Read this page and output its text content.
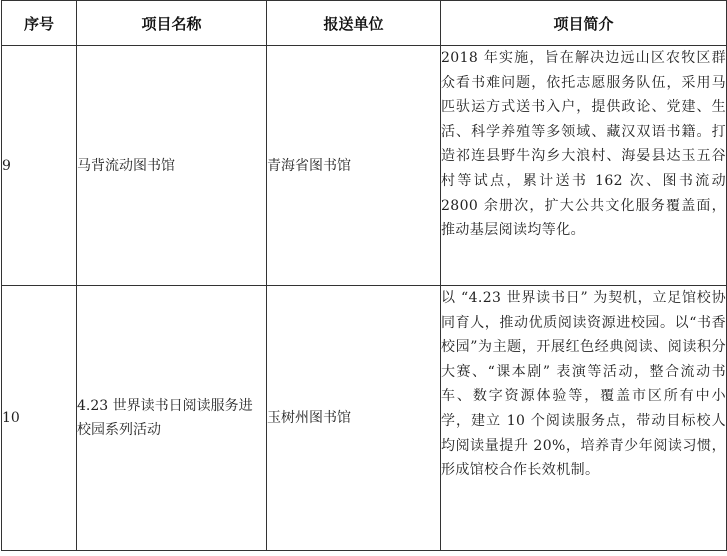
序号	项目名称	报送单位	项目简介
9	马背流动图书馆	青海省图书馆	2018 年实施，旨在解决边远山区农牧区群众看书难问题，依托志愿服务队伍，采用马匹驮运方式送书入户，提供政论、党建、生活、科学养殖等多领域、藏汉双语书籍。打造祁连县野牛沟乡大浪村、海晏县达玉五谷村等试点，累计送书 162 次、图书流动 2800 余册次，扩大公共文化服务覆盖面，推动基层阅读均等化。
10	4.23 世界读书日阅读服务进校园系列活动	玉树州图书馆	以 “4.23 世界读书日” 为契机，立足馆校协同育人，推动优质阅读资源进校园。以“书香校园”为主题，开展红色经典阅读、阅读积分大赛、“课本剧” 表演等活动，整合流动书车、数字资源体验等，覆盖市区所有中小学，建立 10 个阅读服务点，带动目标校人均阅读量提升 20%，培养青少年阅读习惯，形成馆校合作长效机制。
